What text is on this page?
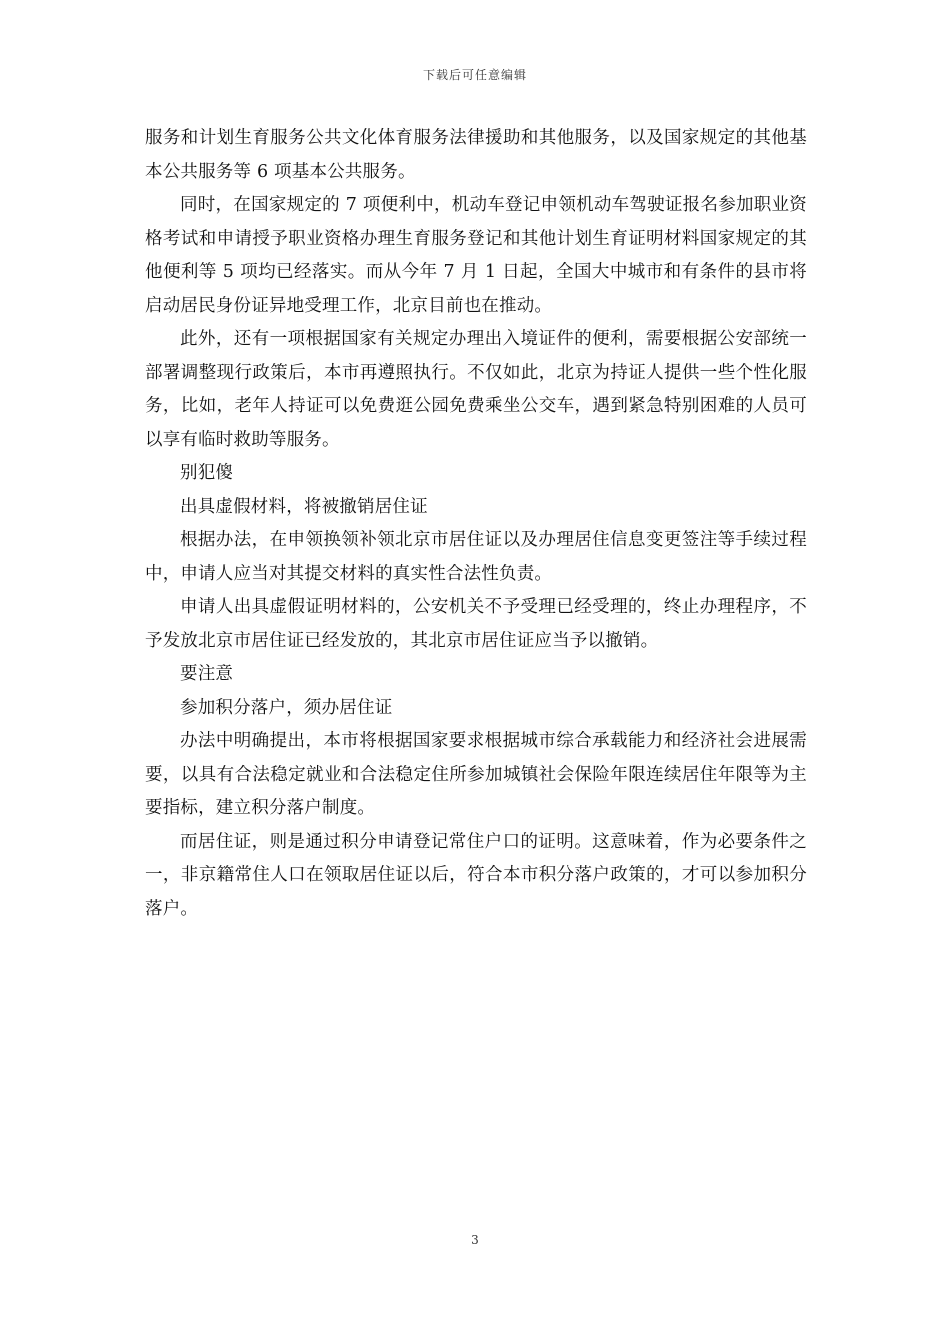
下载后可任意编辑

服务和计划生育服务公共文化体育服务法律援助和其他服务，以及国家规定的其他基本公共服务等 6 项基本公共服务。

同时，在国家规定的 7 项便利中，机动车登记申领机动车驾驶证报名参加职业资格考试和申请授予职业资格办理生育服务登记和其他计划生育证明材料国家规定的其他便利等 5 项均已经落实。而从今年 7 月 1 日起，全国大中城市和有条件的县市将启动居民身份证异地受理工作，北京目前也在推动。

此外，还有一项根据国家有关规定办理出入境证件的便利，需要根据公安部统一部署调整现行政策后，本市再遵照执行。不仅如此，北京为持证人提供一些个性化服务，比如，老年人持证可以免费逛公园免费乘坐公交车，遇到紧急特别困难的人员可以享有临时救助等服务。

别犯傻

出具虚假材料，将被撤销居住证

根据办法，在申领换领补领北京市居住证以及办理居住信息变更签注等手续过程中，申请人应当对其提交材料的真实性合法性负责。

申请人出具虚假证明材料的，公安机关不予受理已经受理的，终止办理程序，不予发放北京市居住证已经发放的，其北京市居住证应当予以撤销。

要注意

参加积分落户，须办居住证

办法中明确提出，本市将根据国家要求根据城市综合承载能力和经济社会进展需要，以具有合法稳定就业和合法稳定住所参加城镇社会保险年限连续居住年限等为主要指标，建立积分落户制度。

而居住证，则是通过积分申请登记常住户口的证明。这意味着，作为必要条件之一，非京籍常住人口在领取居住证以后，符合本市积分落户政策的，才可以参加积分落户。

3
